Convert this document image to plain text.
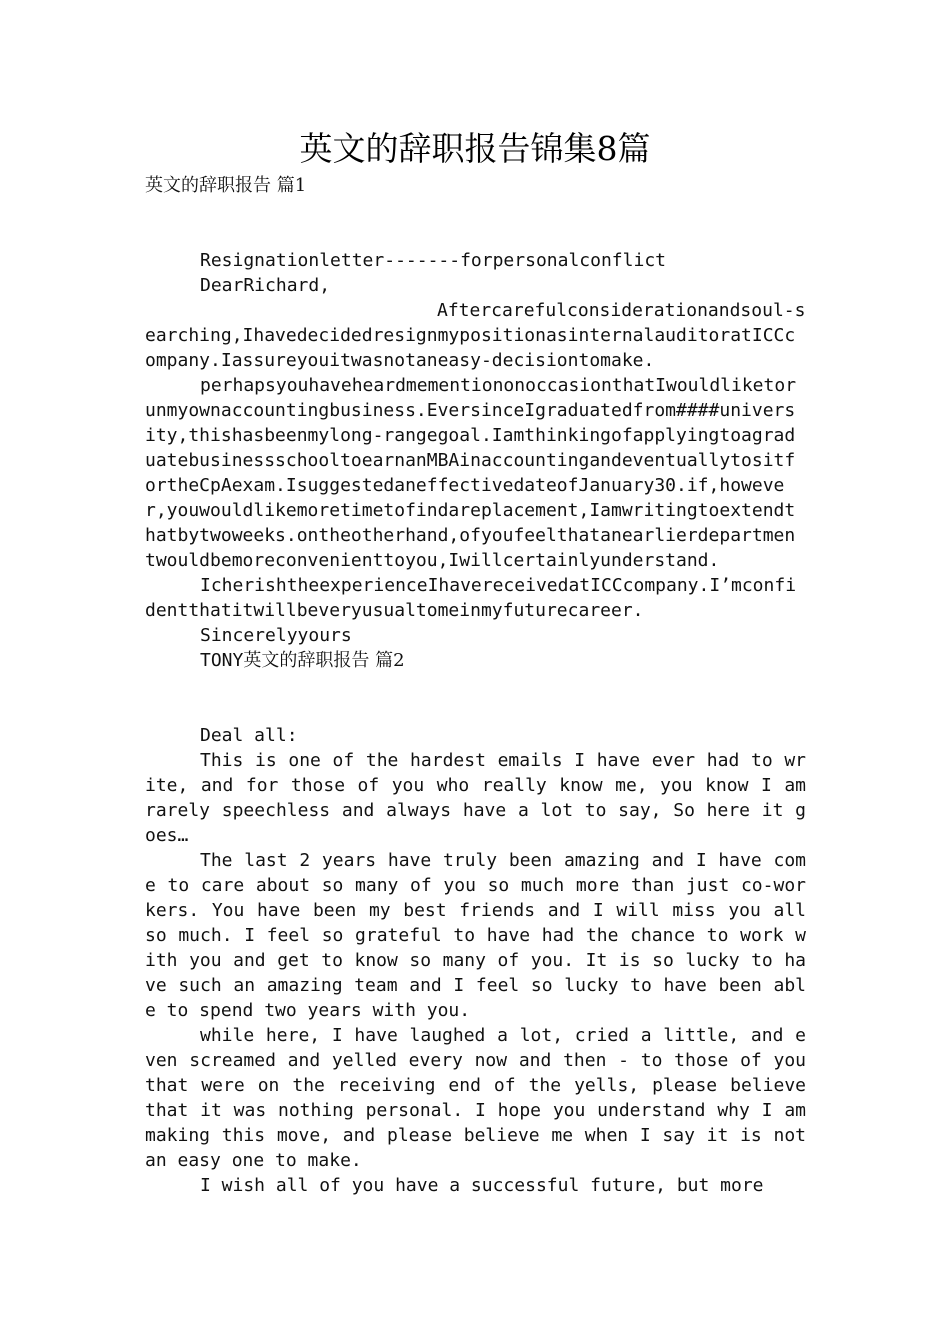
英文的辞职报告锦集8篇

英文的辞职报告 篇1

Resignationletter-------forpersonalconflict

DearRichard,

Aftercarefulconsiderationandsoul-searching,IhavedecidedresignmypositionasinternalauditoratICCcompany.Iassureyouitwasnotaneasy-decisiontomake.

perhapsyouhaveheardmementiononoccasionthatIwouldliketorunmyownaccountingbusiness.EversinceIgraduatedfrom####university,thishasbeenmylong-rangegoal.IamthinkingofapplyingtoagraduatebusinessschooltoearnanMBAinaccountingandeventuallytositfortheCpAexam.IsuggestedaneffectivedateofJanuary30.if,however,youwouldlikemoretimetofindareplacement,Iamwritingtoextendthatbytwoweeks.ontheotherhand,ofyoufeelthatanearlierdepartmentwouldbemoreconvenienttoyou,Iwillcertainlyunderstand.

IcherishtheexperienceIhavereceivedatICCcompany.I’mconfidentthatitwillbeveryusualtomeinmyfuturecareer.

Sincerelyyours

TONY英文的辞职报告 篇2

Deal all:

This is one of the hardest emails I have ever had to write, and for those of you who really know me, you know I am rarely speechless and always have a lot to say, So here it goes…

The last 2 years have truly been amazing and I have come to care about so many of you so much more than just co-workers. You have been my best friends and I will miss you all so much. I feel so grateful to have had the chance to work with you and get to know so many of you. It is so lucky to have such an amazing team and I feel so lucky to have been able to spend two years with you.

while here, I have laughed a lot, cried a little, and even screamed and yelled every now and then - to those of you that were on the receiving end of the yells, please believe that it was nothing personal. I hope you understand why I am making this move, and please believe me when I say it is not an easy one to make.

I wish all of you have a successful future, but more
